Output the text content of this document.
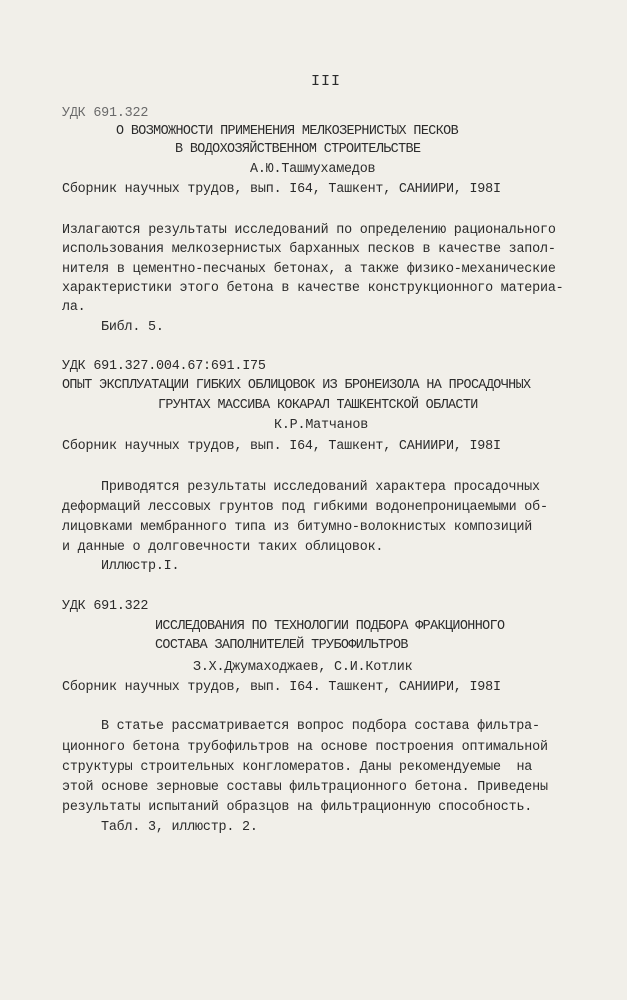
III
УДК 691.322
О ВОЗМОЖНОСТИ ПРИМЕНЕНИЯ МЕЛКОЗЕРНИСТЫХ ПЕСКОВ
В ВОДОХОЗЯЙСТВЕННОМ СТРОИТЕЛЬСТВЕ
А.Ю.Ташмухамедов
Сборник научных трудов, вып. I64, Ташкент, САНИИРИ, I98I
Излагаются результаты исследований по определению рационального
использования мелкозернистых барханных песков в качестве запол-
нителя в цементно-песчаных бетонах, а также физико-механические
характеристики этого бетона в качестве конструкционного материа-
ла.
Библ. 5.
УДК 691.327.004.67:691.I75
ОПЫТ ЭКСПЛУАТАЦИИ ГИБКИХ ОБЛИЦОВОК ИЗ БРОНЕИЗОЛА НА ПРОСАДОЧНЫХ
ГРУНТАХ МАССИВА КОКАРАЛ ТАШКЕНТСКОЙ ОБЛАСТИ
К.Р.Матчанов
Сборник научных трудов, вып. I64, Ташкент, САНИИРИ, I98I
Приводятся результаты исследований характера просадочных
деформаций лессовых грунтов под гибкими водонепроницаемыми об-
лицовками мембранного типа из битумно-волокнистых композиций
и данные о долговечности таких облицовок.
Иллюстр.I.
УДК 691.322
ИССЛЕДОВАНИЯ ПО ТЕХНОЛОГИИ ПОДБОРА ФРАКЦИОННОГО
СОСТАВА ЗАПОЛНИТЕЛЕЙ ТРУБОФИЛЬТРОВ
З.Х.Джумаходжаев, С.И.Котлик
Сборник научных трудов, вып. I64. Ташкент, САНИИРИ, I98I
В статье рассматривается вопрос подбора состава фильтра-
ционного бетона трубофильтров на основе построения оптимальной
структуры строительных конгломератов. Даны рекомендуемые  на
этой основе зерновые составы фильтрационного бетона. Приведены
результаты испытаний образцов на фильтрационную способность.
Табл. 3, иллюстр. 2.
